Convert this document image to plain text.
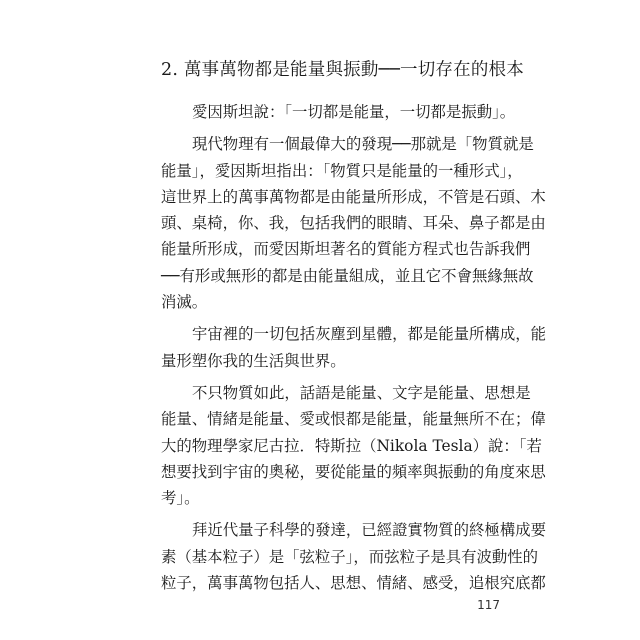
2. 萬事萬物都是能量與振動──一切存在的根本
愛因斯坦說：「一切都是能量，一切都是振動」。
現代物理有一個最偉大的發現──那就是「物質就是
能量」，愛因斯坦指出：「物質只是能量的一種形式」，
這世界上的萬事萬物都是由能量所形成，不管是石頭、木
頭、桌椅，你、我，包括我們的眼睛、耳朵、鼻子都是由
能量所形成，而愛因斯坦著名的質能方程式也告訴我們
──有形或無形的都是由能量組成，並且它不會無緣無故
消滅。
宇宙裡的一切包括灰塵到星體，都是能量所構成，能
量形塑你我的生活與世界。
不只物質如此，話語是能量、文字是能量、思想是
能量、情緒是能量、愛或恨都是能量，能量無所不在；偉
大的物理學家尼古拉．特斯拉（Nikola Tesla）說：「若
想要找到宇宙的奧秘，要從能量的頻率與振動的角度來思
考」。
拜近代量子科學的發達，已經證實物質的終極構成要
素（基本粒子）是「弦粒子」，而弦粒子是具有波動性的
粒子，萬事萬物包括人、思想、情緒、感受，追根究底都
117
